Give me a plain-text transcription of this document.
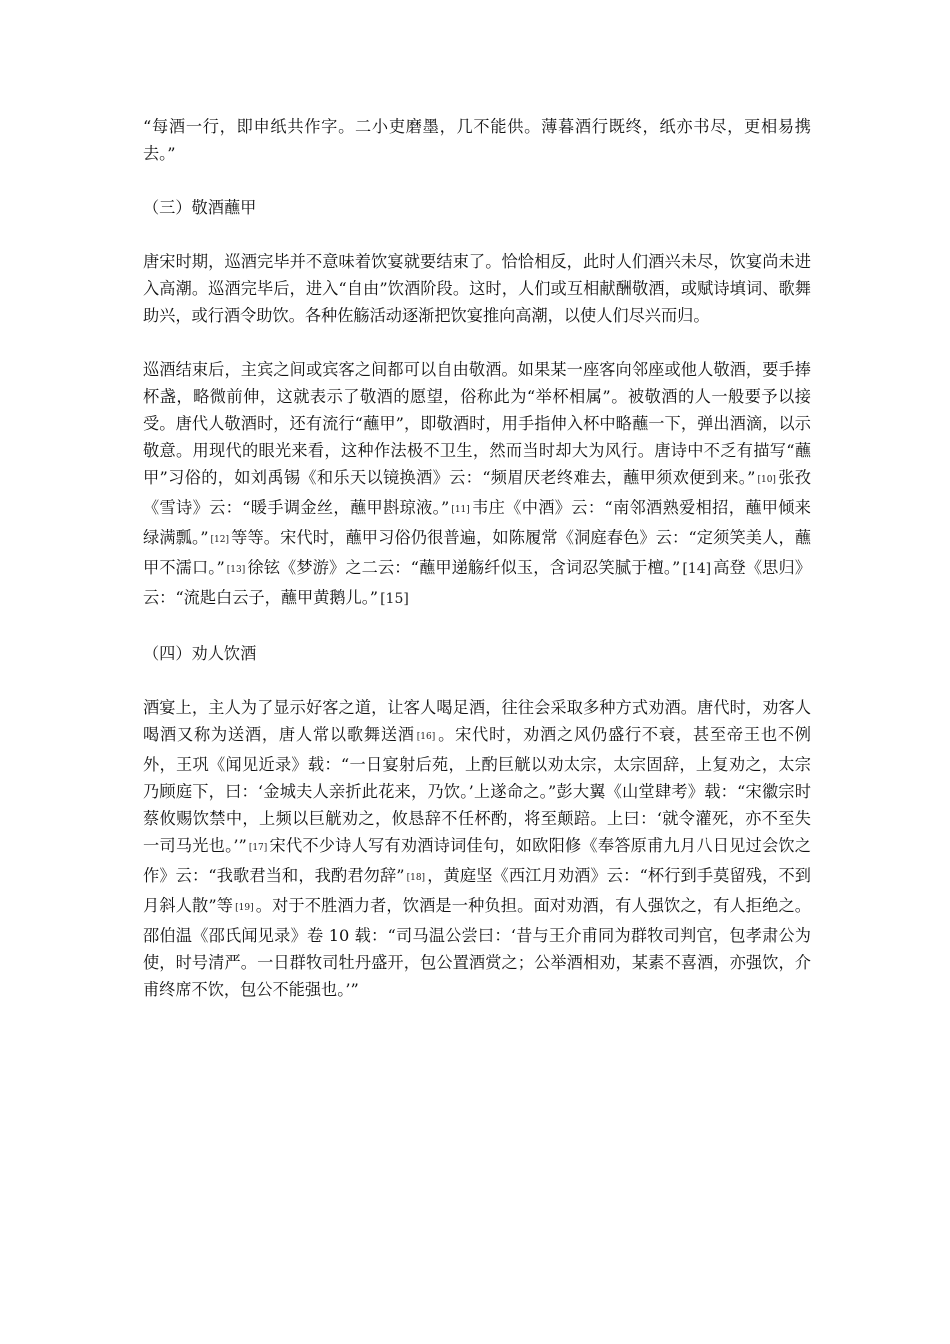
“每酒一行，即申纸共作字。二小吏磨墨，几不能供。薄暮酒行既终，纸亦书尽，更相易携去。”

（三）敬酒蘸甲

唐宋时期，巡酒完毕并不意味着饮宴就要结束了。恰恰相反，此时人们酒兴未尽，饮宴尚未进入高潮。巡酒完毕后，进入“自由”饮酒阶段。这时，人们或互相献酬敬酒，或赋诗填词、歌舞助兴，或行酒令助饮。各种佐觞活动逐渐把饮宴推向高潮，以使人们尽兴而归。

巡酒结束后，主宾之间或宾客之间都可以自由敬酒。如果某一座客向邻座或他人敬酒，要手捧杯盏，略微前伸，这就表示了敬酒的愿望，俗称此为“举杯相属”。被敬酒的人一般要予以接受。唐代人敬酒时，还有流行“蘸甲”，即敬酒时，用手指伸入杯中略蘸一下，弹出酒滴，以示敬意。用现代的眼光来看，这种作法极不卫生，然而当时却大为风行。唐诗中不乏有描写“蘸甲”习俗的，如刘禹锡《和乐天以镜换酒》云：“频眉厌老终难去，蘸甲须欢便到来。” [10] 张孜《雪诗》云：“暖手调金丝，蘸甲斟琼液。” [11] 韦庄《中酒》云：“南邻酒熟爱相招，蘸甲倾来绿满瓢。” [12] 等等。宋代时，蘸甲习俗仍很普遍，如陈履常《洞庭春色》云：“定须笑美人，蘸甲不濡口。” [13] 徐铉《梦游》之二云：“蘸甲递觞纤似玉，含词忍笑腻于檀。” [14] 高登《思归》云：“流匙白云子，蘸甲黄鹅儿。” [15]

（四）劝人饮酒

酒宴上，主人为了显示好客之道，让客人喝足酒，往往会采取多种方式劝酒。唐代时，劝客人喝酒又称为送酒，唐人常以歌舞送酒 [16] 。宋代时，劝酒之风仍盛行不衰，甚至帝王也不例外，王巩《闻见近录》载：“一日宴射后苑，上酌巨觥以劝太宗，太宗固辞，上复劝之，太宗乃顾庭下，曰：‘金城夫人亲折此花来，乃饮。’上遂命之。”彭大翼《山堂肆考》载：“宋徽宗时蔡攸赐饮禁中，上频以巨觥劝之，攸恳辞不任杯酌，将至颠踣。上曰：‘就令灌死，亦不至失一司马光也。’” [17] 宋代不少诗人写有劝酒诗词佳句，如欧阳修《奉答原甫九月八日见过会饮之作》云：“我歌君当和，我酌君勿辞” [18] ，黄庭坚《西江月劝酒》云：“杯行到手莫留残，不到月斜人散”等 [19] 。对于不胜酒力者，饮酒是一种负担。面对劝酒，有人强饮之，有人拒绝之。邵伯温《邵氏闻见录》卷 10 载：“司马温公尝曰：‘昔与王介甫同为群牧司判官，包孝肃公为使，时号清严。一日群牧司牡丹盛开，包公置酒赏之；公举酒相劝，某素不喜酒，亦强饮，介甫终席不饮，包公不能强也。’”
